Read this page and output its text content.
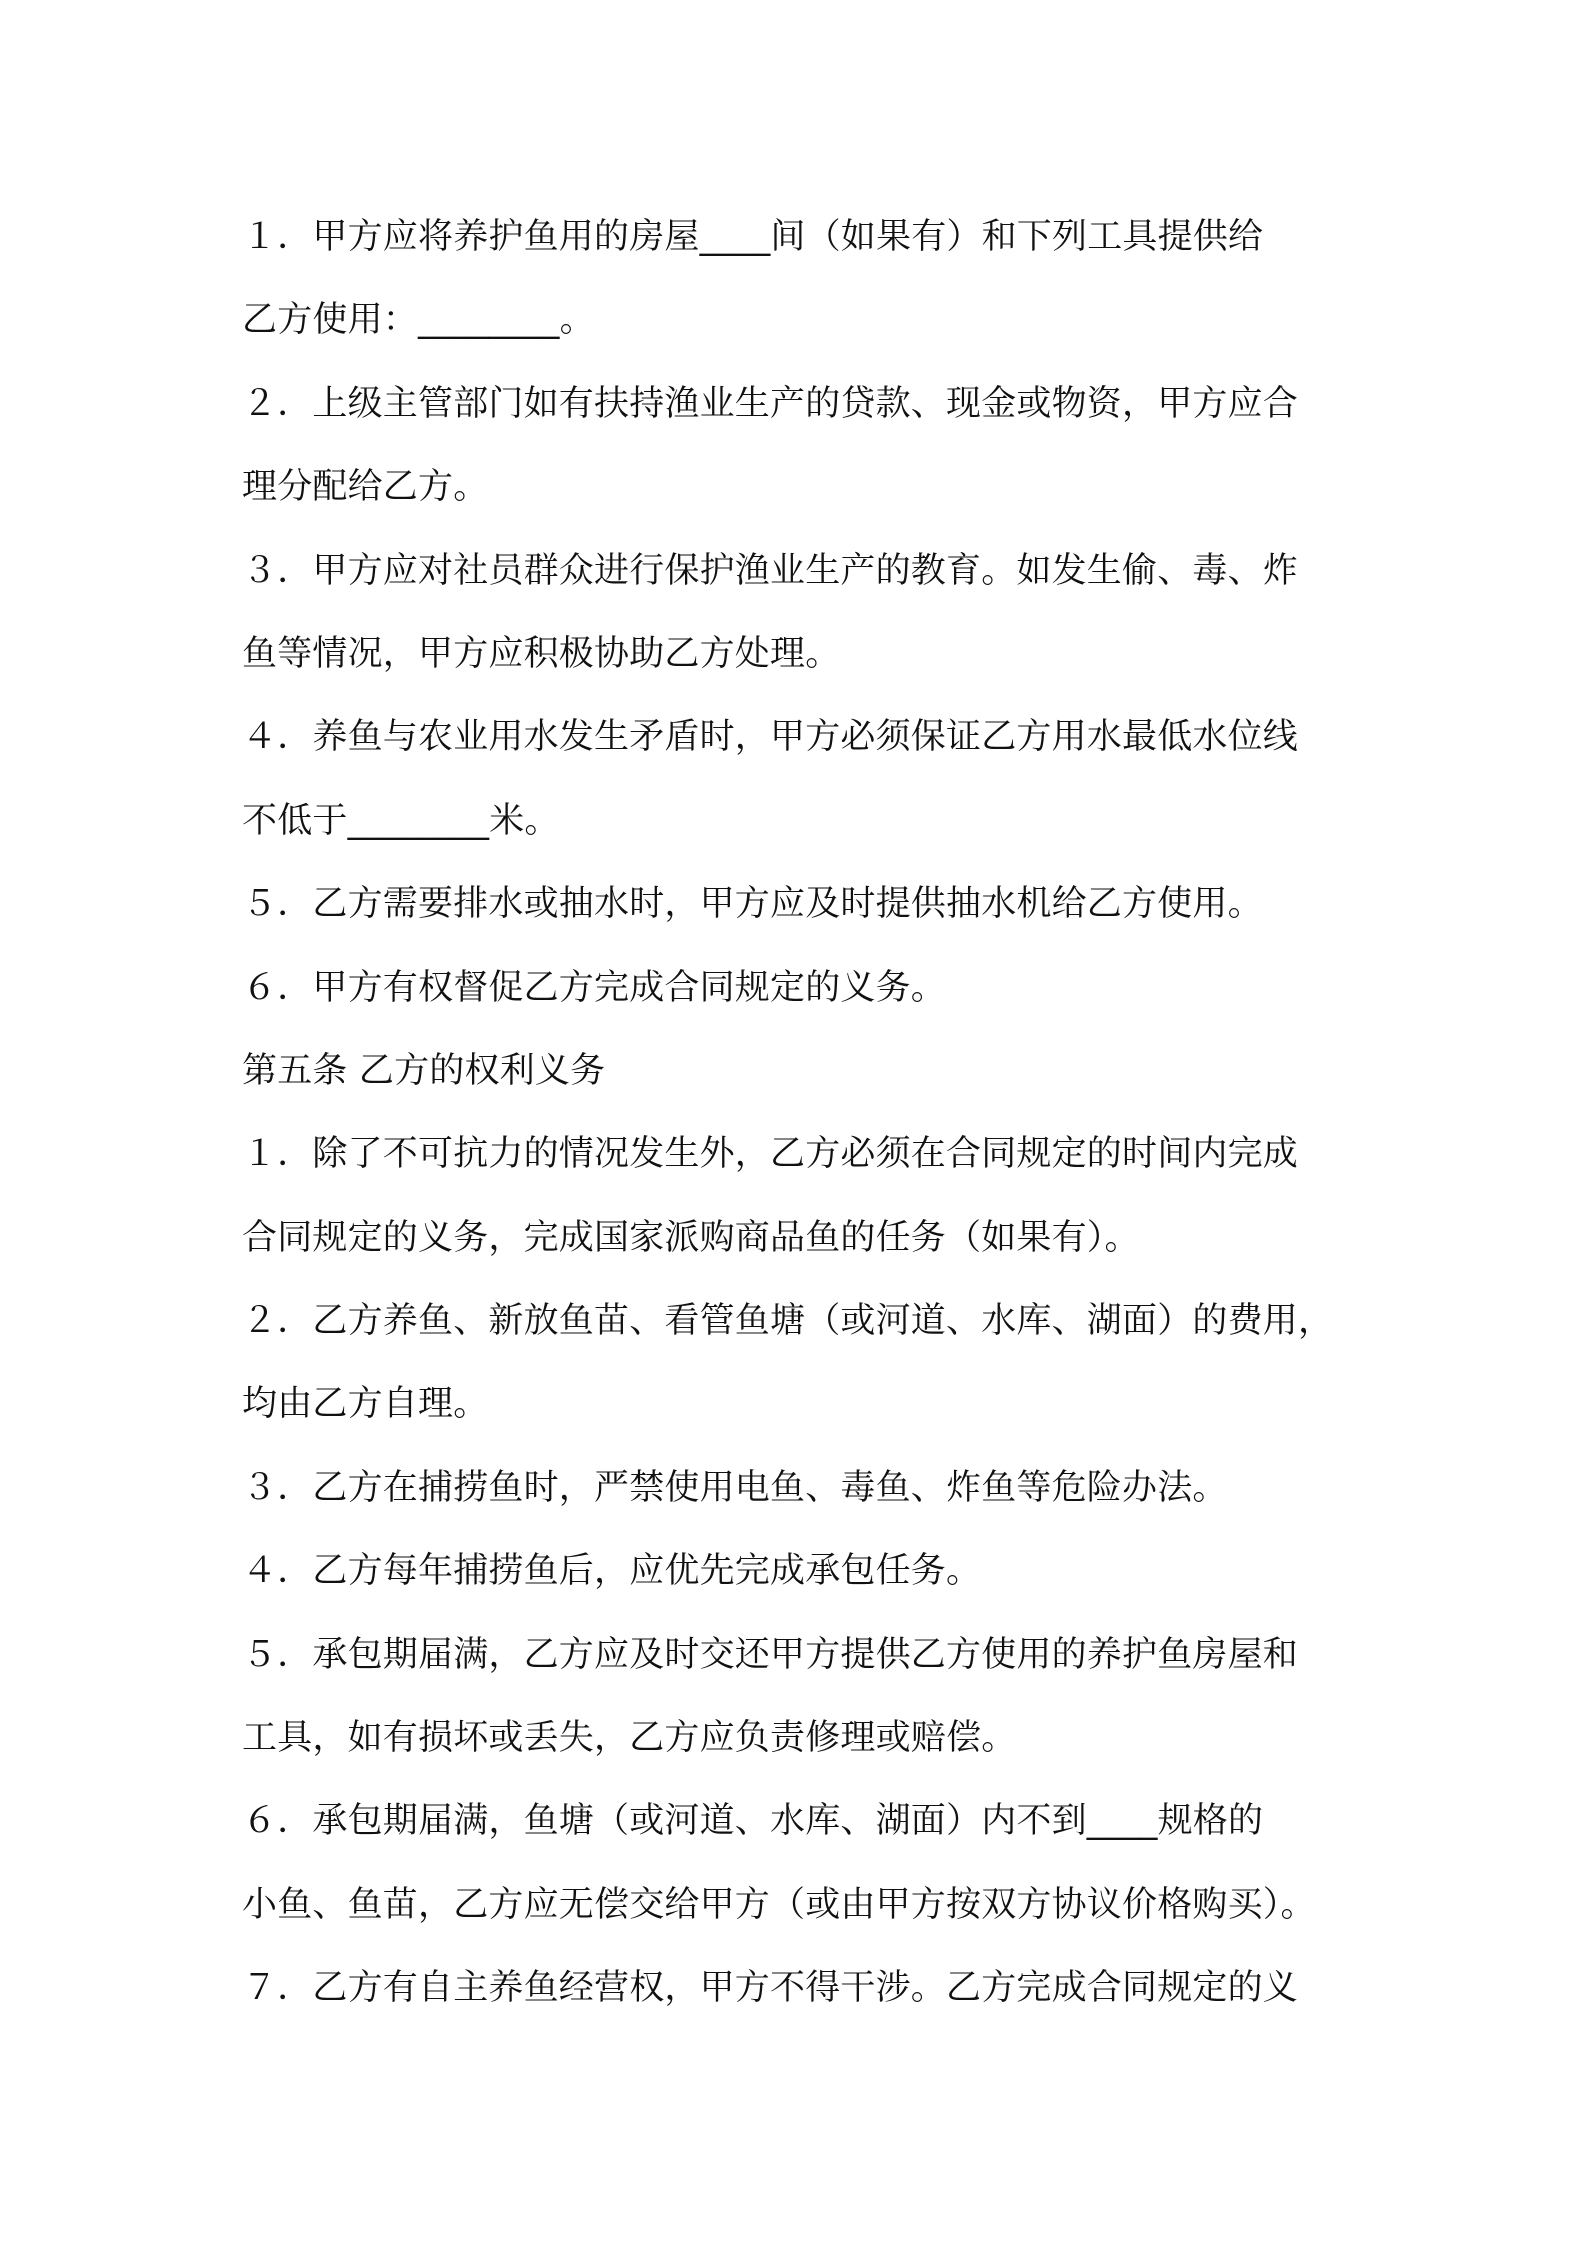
１．甲方应将养护鱼用的房屋____间（如果有）和下列工具提供给
乙方使用：________。
２．上级主管部门如有扶持渔业生产的贷款、现金或物资，甲方应合
理分配给乙方。
３．甲方应对社员群众进行保护渔业生产的教育。如发生偷、毒、炸
鱼等情况，甲方应积极协助乙方处理。
４．养鱼与农业用水发生矛盾时，甲方必须保证乙方用水最低水位线
不低于________米。
５．乙方需要排水或抽水时，甲方应及时提供抽水机给乙方使用。
６．甲方有权督促乙方完成合同规定的义务。
第五条 乙方的权利义务
１．除了不可抗力的情况发生外，乙方必须在合同规定的时间内完成
合同规定的义务，完成国家派购商品鱼的任务（如果有）。
２．乙方养鱼、新放鱼苗、看管鱼塘（或河道、水库、湖面）的费用，
均由乙方自理。
３．乙方在捕捞鱼时，严禁使用电鱼、毒鱼、炸鱼等危险办法。
４．乙方每年捕捞鱼后，应优先完成承包任务。
５．承包期届满，乙方应及时交还甲方提供乙方使用的养护鱼房屋和
工具，如有损坏或丢失，乙方应负责修理或赔偿。
６．承包期届满，鱼塘（或河道、水库、湖面）内不到____规格的
小鱼、鱼苗，乙方应无偿交给甲方（或由甲方按双方协议价格购买）。
７．乙方有自主养鱼经营权，甲方不得干涉。乙方完成合同规定的义
